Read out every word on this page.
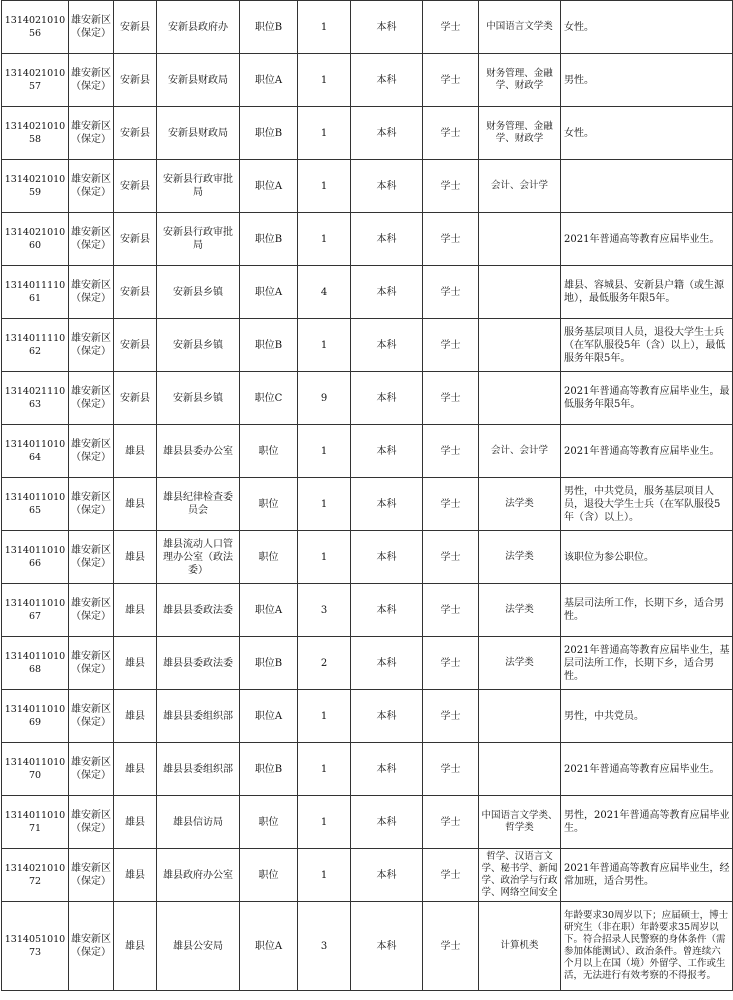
131402101056	雄安新区（保定）	安新县	安新县政府办	职位B	1	本科	学士	中国语言文学类	女性。
131402101057	雄安新区（保定）	安新县	安新县财政局	职位A	1	本科	学士	财务管理、金融学、财政学	男性。
131402101058	雄安新区（保定）	安新县	安新县财政局	职位B	1	本科	学士	财务管理、金融学、财政学	女性。
131402101059	雄安新区（保定）	安新县	安新县行政审批局	职位A	1	本科	学士	会计、会计学	
131402101060	雄安新区（保定）	安新县	安新县行政审批局	职位B	1	本科	学士		2021年普通高等教育应届毕业生。
131401111061	雄安新区（保定）	安新县	安新县乡镇	职位A	4	本科	学士		雄县、容城县、安新县户籍（或生源地），最低服务年限5年。
131401111062	雄安新区（保定）	安新县	安新县乡镇	职位B	1	本科	学士		服务基层项目人员，退役大学生士兵（在军队服役5年（含）以上），最低服务年限5年。
131402111063	雄安新区（保定）	安新县	安新县乡镇	职位C	9	本科	学士		2021年普通高等教育应届毕业生，最低服务年限5年。
131401101064	雄安新区（保定）	雄县	雄县县委办公室	职位	1	本科	学士	会计、会计学	2021年普通高等教育应届毕业生。
131401101065	雄安新区（保定）	雄县	雄县纪律检查委员会	职位	1	本科	学士	法学类	男性，中共党员，服务基层项目人员，退役大学生士兵（在军队服役5年（含）以上）。
131401101066	雄安新区（保定）	雄县	雄县流动人口管理办公室（政法委）	职位	1	本科	学士	法学类	该职位为参公职位。
131401101067	雄安新区（保定）	雄县	雄县县委政法委	职位A	3	本科	学士	法学类	基层司法所工作，长期下乡，适合男性。
131401101068	雄安新区（保定）	雄县	雄县县委政法委	职位B	2	本科	学士	法学类	2021年普通高等教育应届毕业生，基层司法所工作，长期下乡，适合男性。
131401101069	雄安新区（保定）	雄县	雄县县委组织部	职位A	1	本科	学士		男性，中共党员。
131401101070	雄安新区（保定）	雄县	雄县县委组织部	职位B	1	本科	学士		2021年普通高等教育应届毕业生。
131401101071	雄安新区（保定）	雄县	雄县信访局	职位	1	本科	学士	中国语言文学类、哲学类	男性，2021年普通高等教育应届毕业生。
131402101072	雄安新区（保定）	雄县	雄县政府办公室	职位	1	本科	学士	哲学、汉语言文学、秘书学、新闻学、政治学与行政学、网络空间安全	2021年普通高等教育应届毕业生，经常加班，适合男性。
131405101073	雄安新区（保定）	雄县	雄县公安局	职位A	3	本科	学士	计算机类	年龄要求30周岁以下；应届硕士，博士研究生（非在职）年龄要求35周岁以下。符合招录人民警察的身体条件（需参加体能测试）、政治条件。曾连续六个月以上在国（境）外留学、工作或生活，无法进行有效考察的不得报考。
